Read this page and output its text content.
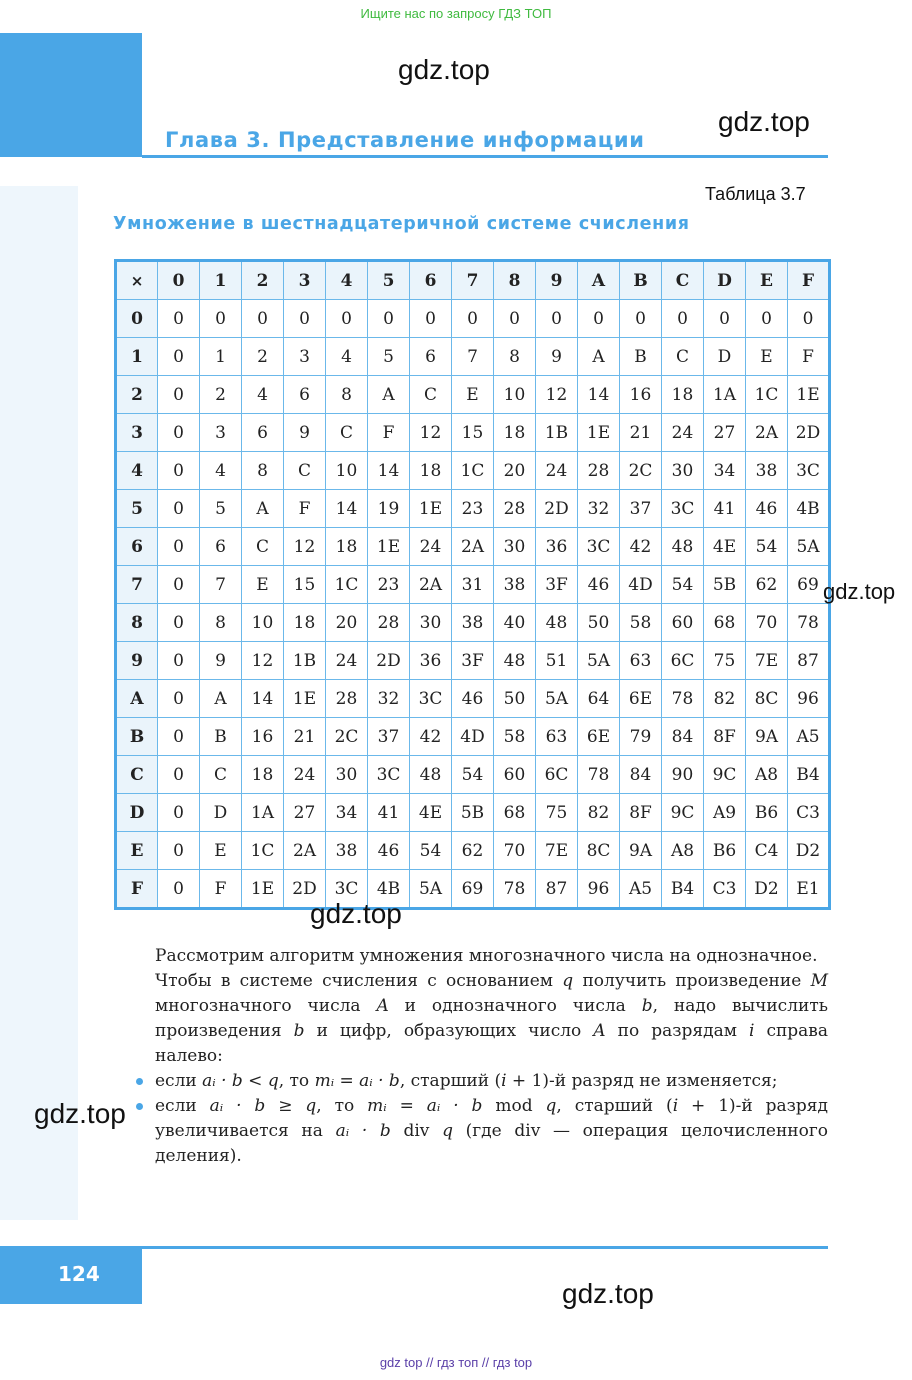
Ищите нас по запросу ГДЗ ТОП
Глава 3. Представление информации
gdz.top
gdz.top
Таблица 3.7
Умножение в шестнадцатеричной системе счисления
×	0	1	2	3	4	5	6	7	8	9	A	B	C	D	E	F
0	0	0	0	0	0	0	0	0	0	0	0	0	0	0	0	0
1	0	1	2	3	4	5	6	7	8	9	A	B	C	D	E	F
2	0	2	4	6	8	A	C	E	10	12	14	16	18	1A	1C	1E
3	0	3	6	9	C	F	12	15	18	1B	1E	21	24	27	2A	2D
4	0	4	8	C	10	14	18	1C	20	24	28	2C	30	34	38	3C
5	0	5	A	F	14	19	1E	23	28	2D	32	37	3C	41	46	4B
6	0	6	C	12	18	1E	24	2A	30	36	3C	42	48	4E	54	5A
7	0	7	E	15	1C	23	2A	31	38	3F	46	4D	54	5B	62	69
8	0	8	10	18	20	28	30	38	40	48	50	58	60	68	70	78
9	0	9	12	1B	24	2D	36	3F	48	51	5A	63	6C	75	7E	87
A	0	A	14	1E	28	32	3C	46	50	5A	64	6E	78	82	8C	96
B	0	B	16	21	2C	37	42	4D	58	63	6E	79	84	8F	9A	A5
C	0	C	18	24	30	3C	48	54	60	6C	78	84	90	9C	A8	B4
D	0	D	1A	27	34	41	4E	5B	68	75	82	8F	9C	A9	B6	C3
E	0	E	1C	2A	38	46	54	62	70	7E	8C	9A	A8	B6	C4	D2
F	0	F	1E	2D	3C	4B	5A	69	78	87	96	A5	B4	C3	D2	E1
gdz.top
gdz.top

Рассмотрим алгоритм умножения многозначного числа на однозначное.

Чтобы в системе счисления с основанием q получить произведение M многозначного числа A и однозначного числа b, надо вычислить произведения b и цифр, образующих число A по разрядам i справа налево:

если aᵢ · b < q, то mᵢ = aᵢ · b, старший (i + 1)-й разряд не изменяется;
если aᵢ · b ≥ q, то mᵢ = aᵢ · b mod q, старший (i + 1)-й разряд увеличивается на aᵢ · b div q (где div — операция целочисленного деления).
gdz.top
124
gdz.top
gdz top // гдз топ // гдз top
